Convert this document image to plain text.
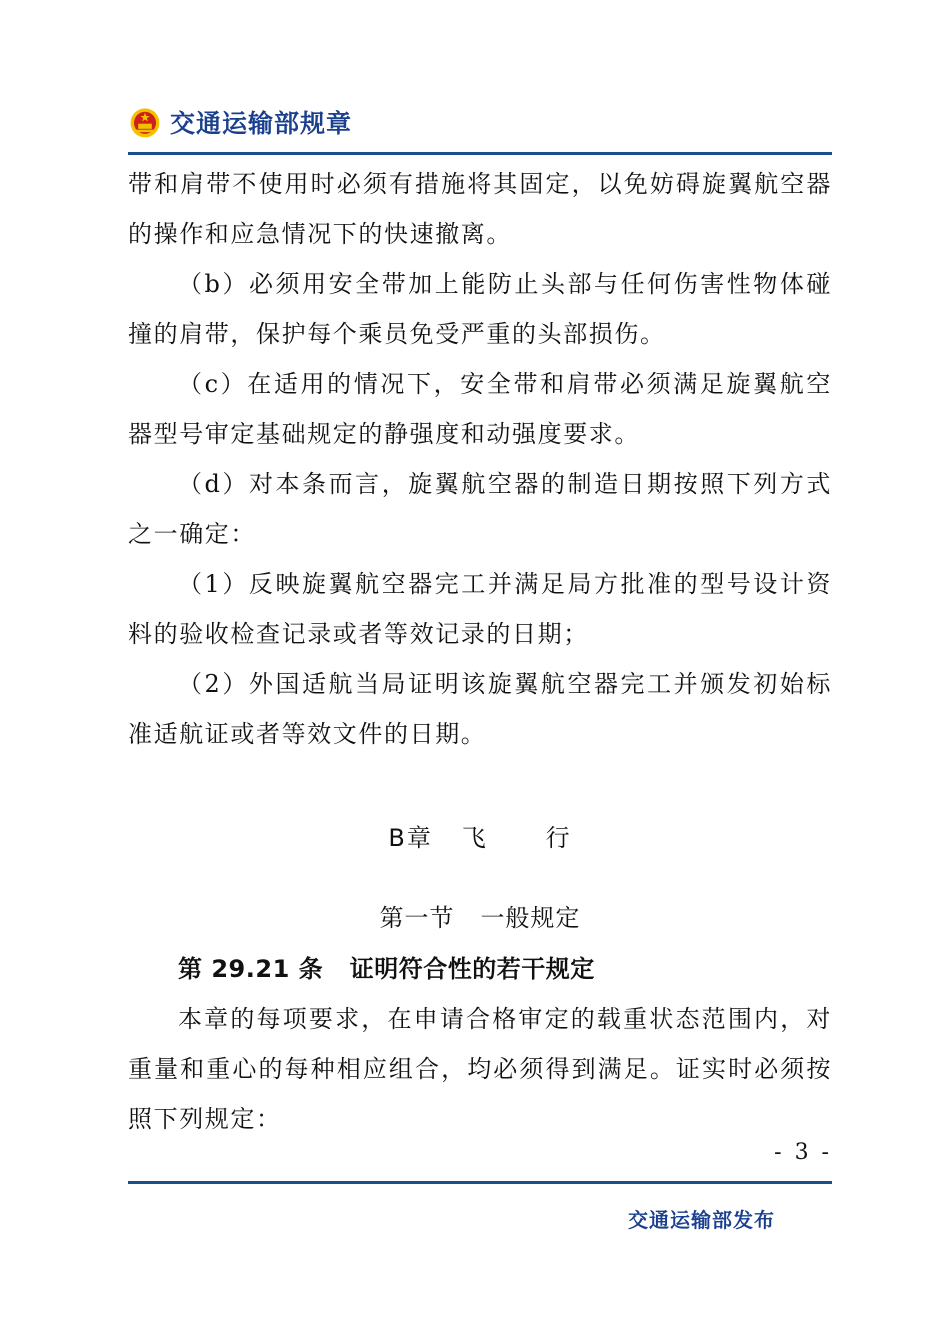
交通运输部规章

带和肩带不使用时必须有措施将其固定，以免妨碍旋翼航空器的操作和应急情况下的快速撤离。

（b）必须用安全带加上能防止头部与任何伤害性物体碰撞的肩带，保护每个乘员免受严重的头部损伤。

（c）在适用的情况下，安全带和肩带必须满足旋翼航空器型号审定基础规定的静强度和动强度要求。

（d）对本条而言，旋翼航空器的制造日期按照下列方式之一确定：

（1）反映旋翼航空器完工并满足局方批准的型号设计资料的验收检查记录或者等效记录的日期；

（2）外国适航当局证明该旋翼航空器完工并颁发初始标准适航证或者等效文件的日期。

B章 飞 行
第一节 一般规定
第 29.21 条 证明符合性的若干规定

本章的每项要求，在申请合格审定的载重状态范围内，对重量和重心的每种相应组合，均必须得到满足。证实时必须按照下列规定：

- 3 -
交通运输部发布
